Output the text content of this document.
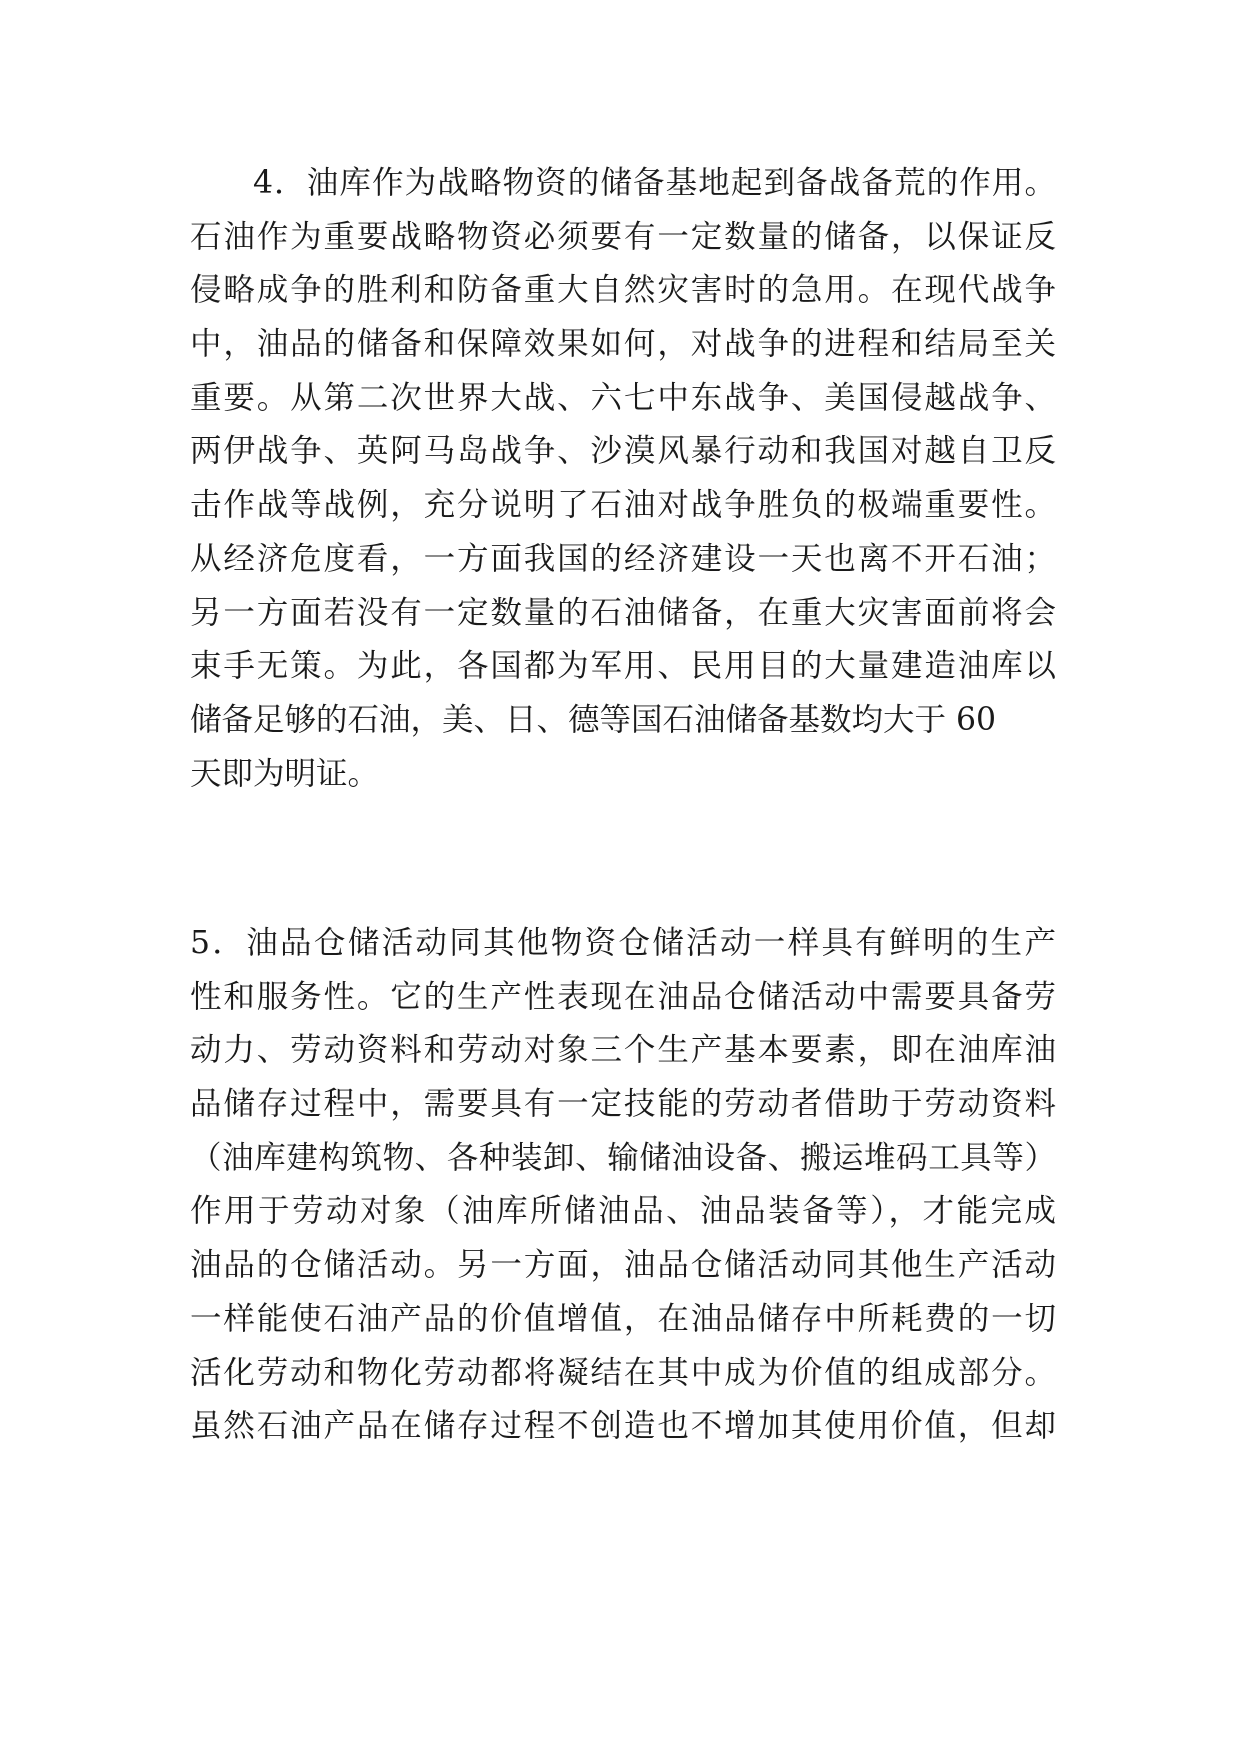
4．油库作为战略物资的储备基地起到备战备荒的作用。
石油作为重要战略物资必须要有一定数量的储备，以保证反
侵略成争的胜利和防备重大自然灾害时的急用。在现代战争
中，油品的储备和保障效果如何，对战争的进程和结局至关
重要。从第二次世界大战、六七中东战争、美国侵越战争、
两伊战争、英阿马岛战争、沙漠风暴行动和我国对越自卫反
击作战等战例，充分说明了石油对战争胜负的极端重要性。
从经济危度看，一方面我国的经济建设一天也离不开石油；
另一方面若没有一定数量的石油储备，在重大灾害面前将会
束手无策。为此，各国都为军用、民用目的大量建造油库以
储备足够的石油，美、日、德等国石油储备基数均大于 60
天即为明证。
5．油品仓储活动同其他物资仓储活动一样具有鲜明的生产
性和服务性。它的生产性表现在油品仓储活动中需要具备劳
动力、劳动资料和劳动对象三个生产基本要素，即在油库油
品储存过程中，需要具有一定技能的劳动者借助于劳动资料
（油库建构筑物、各种装卸、输储油设备、搬运堆码工具等）
作用于劳动对象（油库所储油品、油品装备等），才能完成
油品的仓储活动。另一方面，油品仓储活动同其他生产活动
一样能使石油产品的价值增值，在油品储存中所耗费的一切
活化劳动和物化劳动都将凝结在其中成为价值的组成部分。
虽然石油产品在储存过程不创造也不增加其使用价值，但却
